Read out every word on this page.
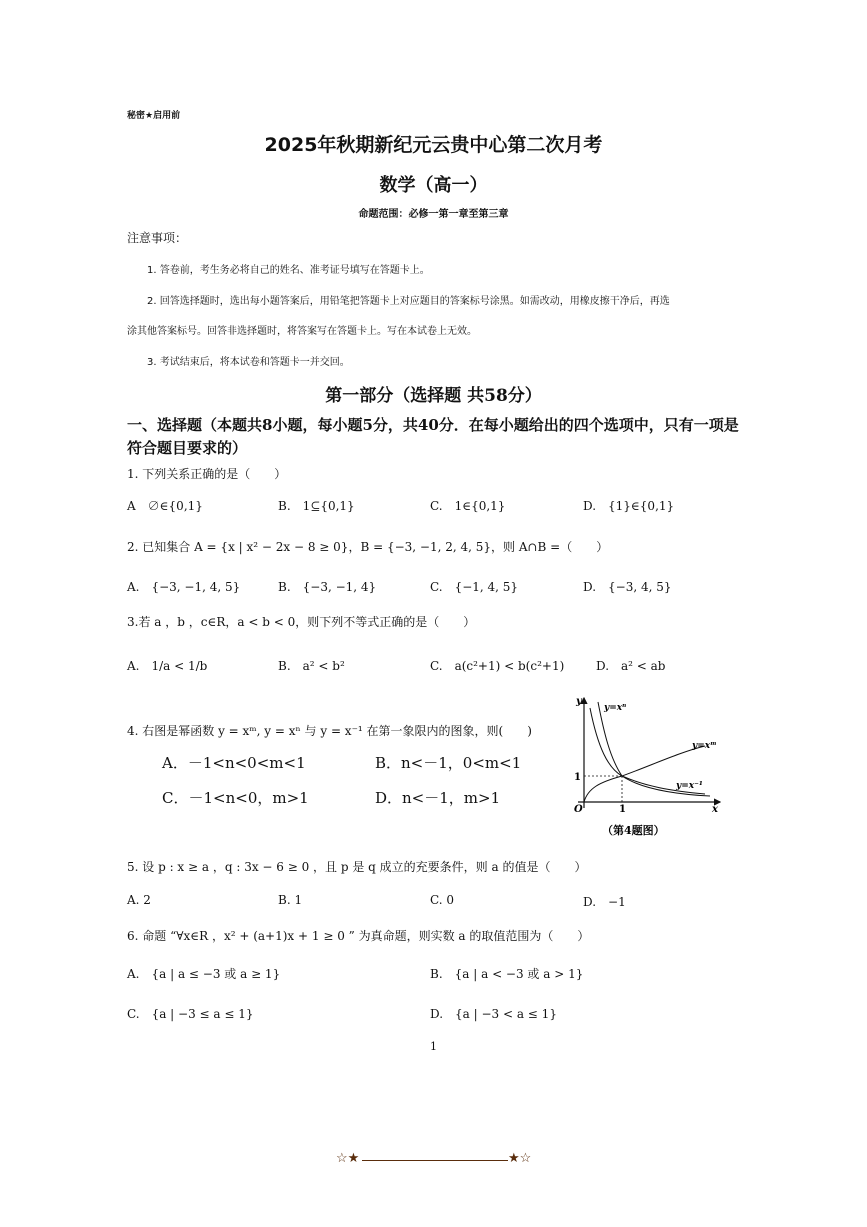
秘密★启用前
2025年秋期新纪元云贵中心第二次月考
数学（高一）
命题范围：必修一第一章至第三章
注意事项：
1. 答卷前，考生务必将自己的姓名、准考证号填写在答题卡上。
2. 回答选择题时，选出每小题答案后，用铅笔把答题卡上对应题目的答案标号涂黑。如需改动，用橡皮擦干净后，再选
涂其他答案标号。回答非选择题时，将答案写在答题卡上。写在本试卷上无效。
3. 考试结束后，将本试卷和答题卡一并交回。
第一部分（选择题 共58分）
一、选择题（本题共8小题，每小题5分，共40分．在每小题给出的四个选项中，只有一项是符合题目要求的）
1. 下列关系正确的是（　　）
A　∅∈{0,1}	B.　1⊆{0,1}	C.　1∈{0,1}	D.　{1}∈{0,1}
2. 已知集合 A = {x | x² − 2x − 8 ≥ 0}，B = {−3, −1, 2, 4, 5}，则 A∩B =（　　）
A.　{−3, −1, 4, 5}	B.　{−3, −1, 4}	C.　{−1, 4, 5}	D.　{−3, 4, 5}
3.若 a ，b ，c∈R，a < b < 0，则下列不等式正确的是（　　）
A.　1/a < 1/b	B.　a² < b²	C.　a(c²+1) < b(c²+1)	D.　a² < ab
4. 右图是幂函数 y = xᵐ, y = xⁿ 与 y = x⁻¹ 在第一象限内的图象，则(　　)
A．－1<n<0<m<1	B．n<－1，0<m<1
C．－1<n<0，m>1	D．n<－1，m>1
y
x
O	1
1
y=xⁿ
y=xᵐ
y=x⁻¹
（第4题图）
5. 设 p : x ≥ a ，q : 3x − 6 ≥ 0 ，且 p 是 q 成立的充要条件，则 a 的值是（　　）
A. 2	B. 1	C. 0	D.　−1
6. 命题 “∀x∈R ，x² + (a+1)x + 1 ≥ 0 ” 为真命题，则实数 a 的取值范围为（　　）
A.　{a | a ≤ −3 或 a ≥ 1}	B.　{a | a < −3 或 a > 1}
C.　{a | −3 ≤ a ≤ 1}	D.　{a | −3 < a ≤ 1}
1
☆★	★☆
